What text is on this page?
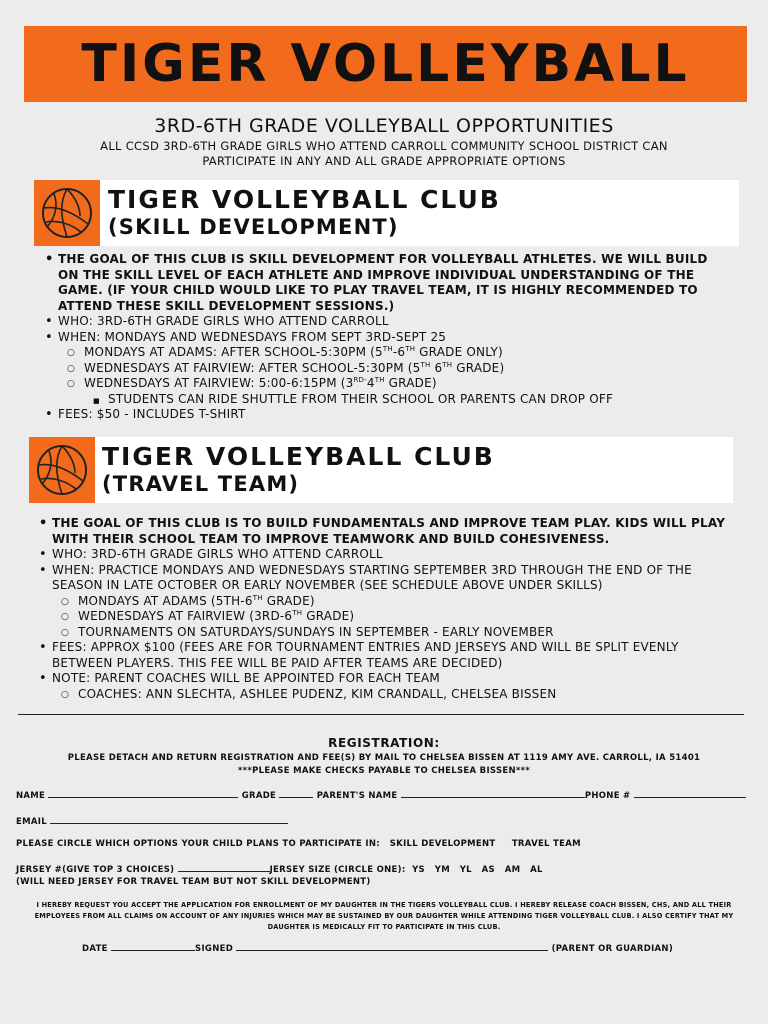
TIGER VOLLEYBALL
3RD-6TH GRADE VOLLEYBALL OPPORTUNITIES
ALL CCSD 3RD-6TH GRADE GIRLS WHO ATTEND CARROLL COMMUNITY SCHOOL DISTRICT CAN
PARTICIPATE IN ANY AND ALL GRADE APPROPRIATE OPTIONS
TIGER VOLLEYBALL CLUB
(SKILL DEVELOPMENT)
• THE GOAL OF THIS CLUB IS SKILL DEVELOPMENT FOR VOLLEYBALL ATHLETES. WE WILL BUILD ON THE SKILL LEVEL OF EACH ATHLETE AND IMPROVE INDIVIDUAL UNDERSTANDING OF THE GAME. (IF YOUR CHILD WOULD LIKE TO PLAY TRAVEL TEAM, IT IS HIGHLY RECOMMENDED TO ATTEND THESE SKILL DEVELOPMENT SESSIONS.)
• WHO: 3RD-6TH GRADE GIRLS WHO ATTEND CARROLL
• WHEN: MONDAYS AND WEDNESDAYS FROM SEPT 3RD-SEPT 25
○ MONDAYS AT ADAMS: AFTER SCHOOL-5:30PM (5TH-6TH GRADE ONLY)
○ WEDNESDAYS AT FAIRVIEW: AFTER SCHOOL-5:30PM (5TH 6TH GRADE)
○ WEDNESDAYS AT FAIRVIEW: 5:00-6:15PM ($3^{RD-}4TH$ GRADE)
■ STUDENTS CAN RIDE SHUTTLE FROM THEIR SCHOOL OR PARENTS CAN DROP OFF
• FEES: $50 - INCLUDES T-SHIRT
TIGER VOLLEYBALL CLUB
(TRAVEL TEAM)
• THE GOAL OF THIS CLUB IS TO BUILD FUNDAMENTALS AND IMPROVE TEAM PLAY. KIDS WILL PLAY WITH THEIR SCHOOL TEAM TO IMPROVE TEAMWORK AND BUILD COHESIVENESS.
• WHO: 3RD-6TH GRADE GIRLS WHO ATTEND CARROLL
• WHEN: PRACTICE MONDAYS AND WEDNESDAYS STARTING SEPTEMBER 3RD THROUGH THE END OF THE SEASON IN LATE OCTOBER OR EARLY NOVEMBER (SEE SCHEDULE ABOVE UNDER SKILLS)
○ MONDAYS AT ADAMS (5TH-6TH GRADE)
○ WEDNESDAYS AT FAIRVIEW (3RD-6TH GRADE)
○ TOURNAMENTS ON SATURDAYS/SUNDAYS IN SEPTEMBER - EARLY NOVEMBER
• FEES: APPROX $100 (FEES ARE FOR TOURNAMENT ENTRIES AND JERSEYS AND WILL BE SPLIT EVENLY BETWEEN PLAYERS. THIS FEE WILL BE PAID AFTER TEAMS ARE DECIDED)
• NOTE: PARENT COACHES WILL BE APPOINTED FOR EACH TEAM
○ COACHES: ANN SLECHTA, ASHLEE PUDENZ, KIM CRANDALL, CHELSEA BISSEN
REGISTRATION:
PLEASE DETACH AND RETURN REGISTRATION AND FEE(S) BY MAIL TO CHELSEA BISSEN AT 1119 AMY AVE. CARROLL, IA 51401
***PLEASE MAKE CHECKS PAYABLE TO CHELSEA BISSEN***
NAME	GRADE	PARENT'S NAME	PHONE #
EMAIL
PLEASE CIRCLE WHICH OPTIONS YOUR CHILD PLANS TO PARTICIPATE IN: SKILL DEVELOPMENT TRAVEL TEAM
JERSEY #(GIVE TOP 3 CHOICES)	JERSEY SIZE (CIRCLE ONE): YS   YM   YL   AS   AM   AL
(WILL NEED JERSEY FOR TRAVEL TEAM BUT NOT SKILL DEVELOPMENT)
I HEREBY REQUEST YOU ACCEPT THE APPLICATION FOR ENROLLMENT OF MY DAUGHTER IN THE TIGERS VOLLEYBALL CLUB. I HEREBY RELEASE COACH BISSEN, CHS, AND ALL THEIR EMPLOYEES FROM ALL CLAIMS ON ACCOUNT OF ANY INJURIES WHICH MAY BE SUSTAINED BY OUR DAUGHTER WHILE ATTENDING TIGER VOLLEYBALL CLUB. I ALSO CERTIFY THAT MY DAUGHTER IS MEDICALLY FIT TO PARTICIPATE IN THIS CLUB.
DATE	SIGNED	(PARENT OR GUARDIAN)
